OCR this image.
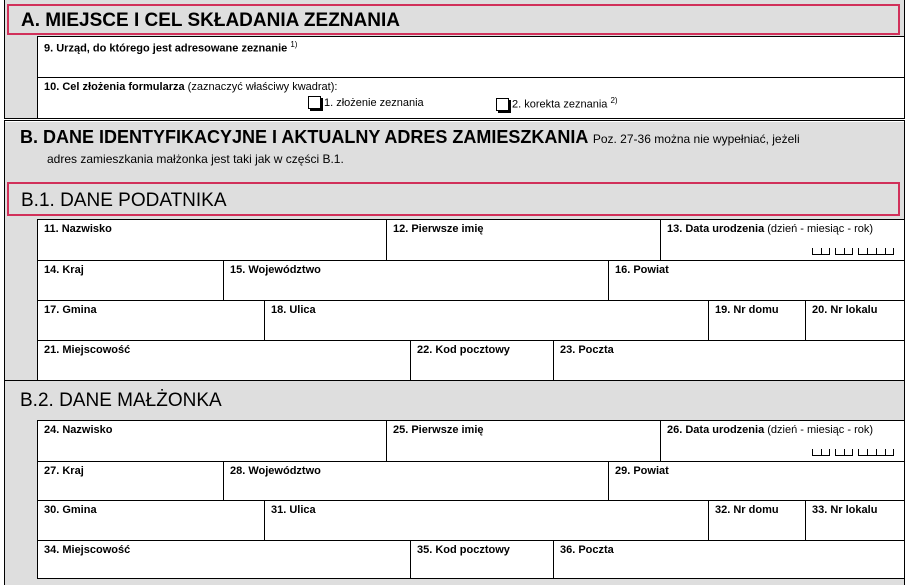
A. MIEJSCE I CEL SKŁADANIA ZEZNANIA
9. Urząd, do którego jest adresowane zeznanie $^{1)}$
10. Cel złożenia formularza (zaznaczyć właściwy kwadrat):
1. złożenie zeznania	2. korekta zeznania $^{2)}$
B. DANE IDENTYFIKACYJNE I AKTUALNY ADRES ZAMIESZKANIA Poz. 27-36 można nie wypełniać, jeżeli
adres zamieszkania małżonka jest taki jak w części B.1.
B.1. DANE PODATNIKA
11. Nazwisko	12. Pierwsze imię	13. Data urodzenia (dzień - miesiąc - rok)
14. Kraj	15. Województwo	16. Powiat
17. Gmina	18. Ulica	19. Nr domu	20. Nr lokalu
21. Miejscowość	22. Kod pocztowy	23. Poczta
B.2. DANE MAŁŻONKA
24. Nazwisko	25. Pierwsze imię	26. Data urodzenia (dzień - miesiąc - rok)
27. Kraj	28. Województwo	29. Powiat
30. Gmina	31. Ulica	32. Nr domu	33. Nr lokalu
34. Miejscowość	35. Kod pocztowy	36. Poczta
